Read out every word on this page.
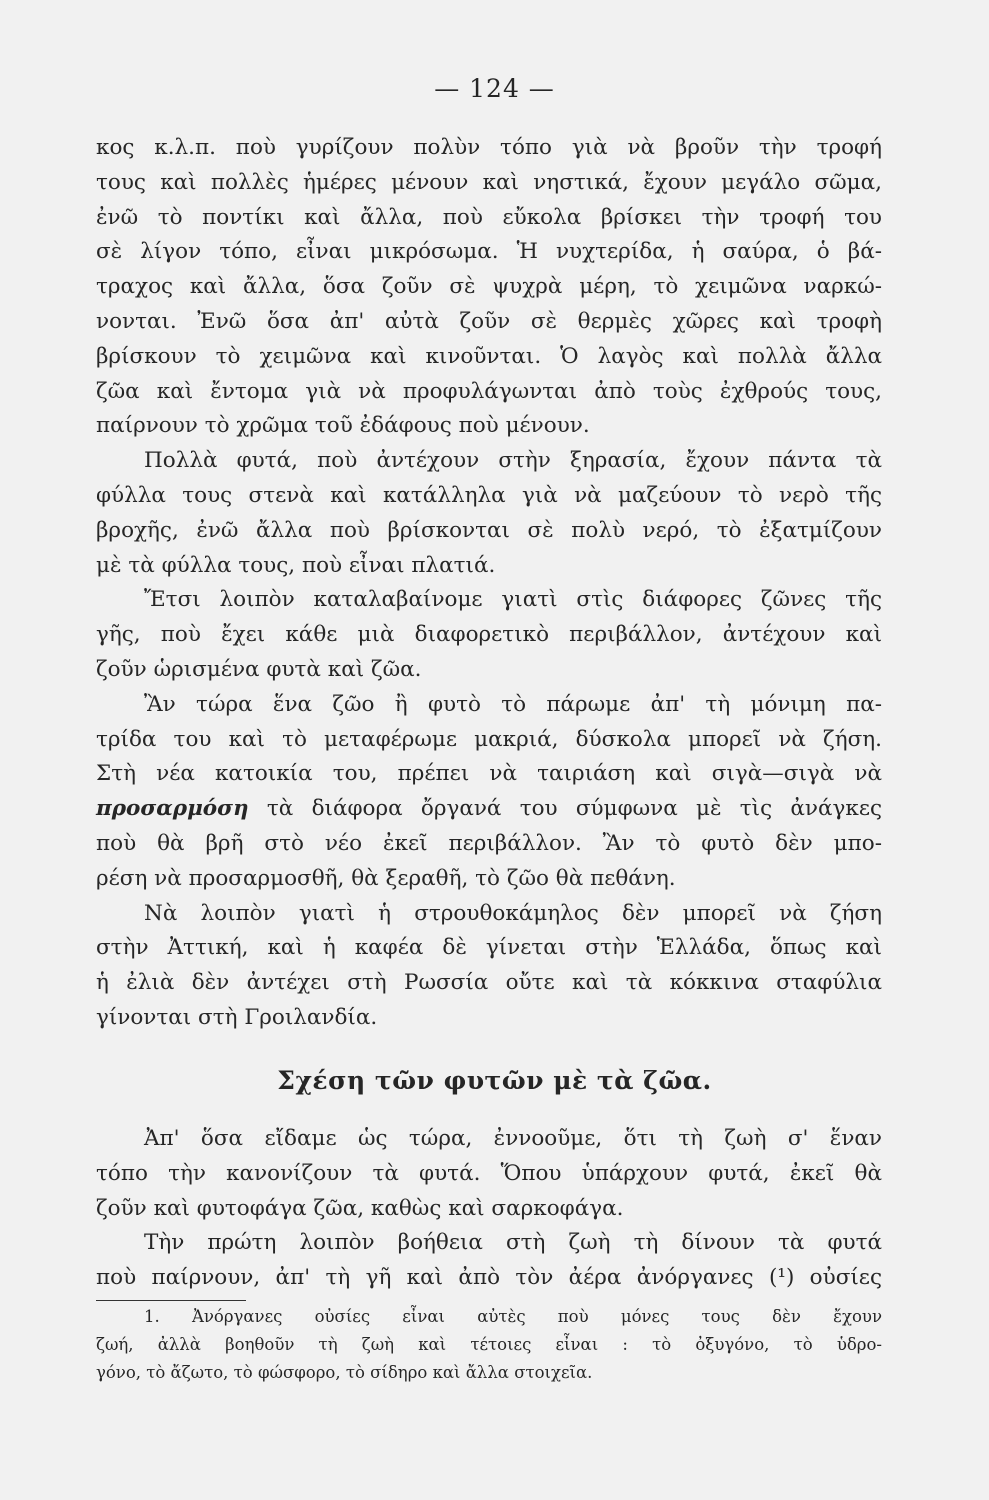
— 124 —
κος κ.λ.π. ποὺ γυρίζουν πολὺν τόπο γιὰ νὰ βροῦν τὴν τροφή
τους καὶ πολλὲς ἡμέρες μένουν καὶ νηστικά, ἔχουν μεγάλο σῶμα,
ἐνῶ τὸ ποντίκι καὶ ἄλλα, ποὺ εὔκολα βρίσκει τὴν τροφή του
σὲ λίγον τόπο, εἶναι μικρόσωμα. Ἡ νυχτερίδα, ἡ σαύρα, ὁ βά-
τραχος καὶ ἄλλα, ὅσα ζοῦν σὲ ψυχρὰ μέρη, τὸ χειμῶνα ναρκώ-
νονται. Ἐνῶ ὅσα ἀπ' αὐτὰ ζοῦν σὲ θερμὲς χῶρες καὶ τροφὴ
βρίσκουν τὸ χειμῶνα καὶ κινοῦνται. Ὁ λαγὸς καὶ πολλὰ ἄλλα
ζῶα καὶ ἔντομα γιὰ νὰ προφυλάγωνται ἀπὸ τοὺς ἐχθρούς τους,
παίρνουν τὸ χρῶμα τοῦ ἐδάφους ποὺ μένουν.
Πολλὰ φυτά, ποὺ ἀντέχουν στὴν ξηρασία, ἔχουν πάντα τὰ
φύλλα τους στενὰ καὶ κατάλληλα γιὰ νὰ μαζεύουν τὸ νερὸ τῆς
βροχῆς, ἐνῶ ἄλλα ποὺ βρίσκονται σὲ πολὺ νερό, τὸ ἐξατμίζουν
μὲ τὰ φύλλα τους, ποὺ εἶναι πλατιά.
Ἔτσι λοιπὸν καταλαβαίνομε γιατὶ στὶς διάφορες ζῶνες τῆς
γῆς, ποὺ ἔχει κάθε μιὰ διαφορετικὸ περιβάλλον, ἀντέχουν καὶ
ζοῦν ὡρισμένα φυτὰ καὶ ζῶα.
Ἂν τώρα ἕνα ζῶο ἢ φυτὸ τὸ πάρωμε ἀπ' τὴ μόνιμη πα-
τρίδα του καὶ τὸ μεταφέρωμε μακριά, δύσκολα μπορεῖ νὰ ζήση.
Στὴ νέα κατοικία του, πρέπει νὰ ταιριάση καὶ σιγὰ—σιγὰ νὰ
προσαρμόση τὰ διάφορα ὄργανά του σύμφωνα μὲ τὶς ἀνάγκες
ποὺ θὰ βρῆ στὸ νέο ἐκεῖ περιβάλλον. Ἂν τὸ φυτὸ δὲν μπο-
ρέση νὰ προσαρμοσθῆ, θὰ ξεραθῆ, τὸ ζῶο θὰ πεθάνη.
Νὰ λοιπὸν γιατὶ ἡ στρουθοκάμηλος δὲν μπορεῖ νὰ ζήση
στὴν Ἀττική, καὶ ἡ καφέα δὲ γίνεται στὴν Ἑλλάδα, ὅπως καὶ
ἡ ἐλιὰ δὲν ἀντέχει στὴ Ρωσσία οὔτε καὶ τὰ κόκκινα σταφύλια
γίνονται στὴ Γροιλανδία.
Σχέση τῶν φυτῶν μὲ τὰ ζῶα.
Ἀπ' ὅσα εἴδαμε ὡς τώρα, ἐννοοῦμε, ὅτι τὴ ζωὴ σ' ἕναν
τόπο τὴν κανονίζουν τὰ φυτά. Ὅπου ὑπάρχουν φυτά, ἐκεῖ θὰ
ζοῦν καὶ φυτοφάγα ζῶα, καθὼς καὶ σαρκοφάγα.
Τὴν πρώτη λοιπὸν βοήθεια στὴ ζωὴ τὴ δίνουν τὰ φυτά
ποὺ παίρνουν, ἀπ' τὴ γῆ καὶ ἀπὸ τὸν ἀέρα ἀνόργανες (¹) οὐσίες
1. Ἀνόργανες οὐσίες εἶναι αὐτὲς ποὺ μόνες τους δὲν ἔχουν
ζωή, ἀλλὰ βοηθοῦν τὴ ζωὴ καὶ τέτοιες εἶναι : τὸ ὀξυγόνο, τὸ ὑδρο-
γόνο, τὸ ἄζωτο, τὸ φώσφορο, τὸ σίδηρο καὶ ἄλλα στοιχεῖα.
